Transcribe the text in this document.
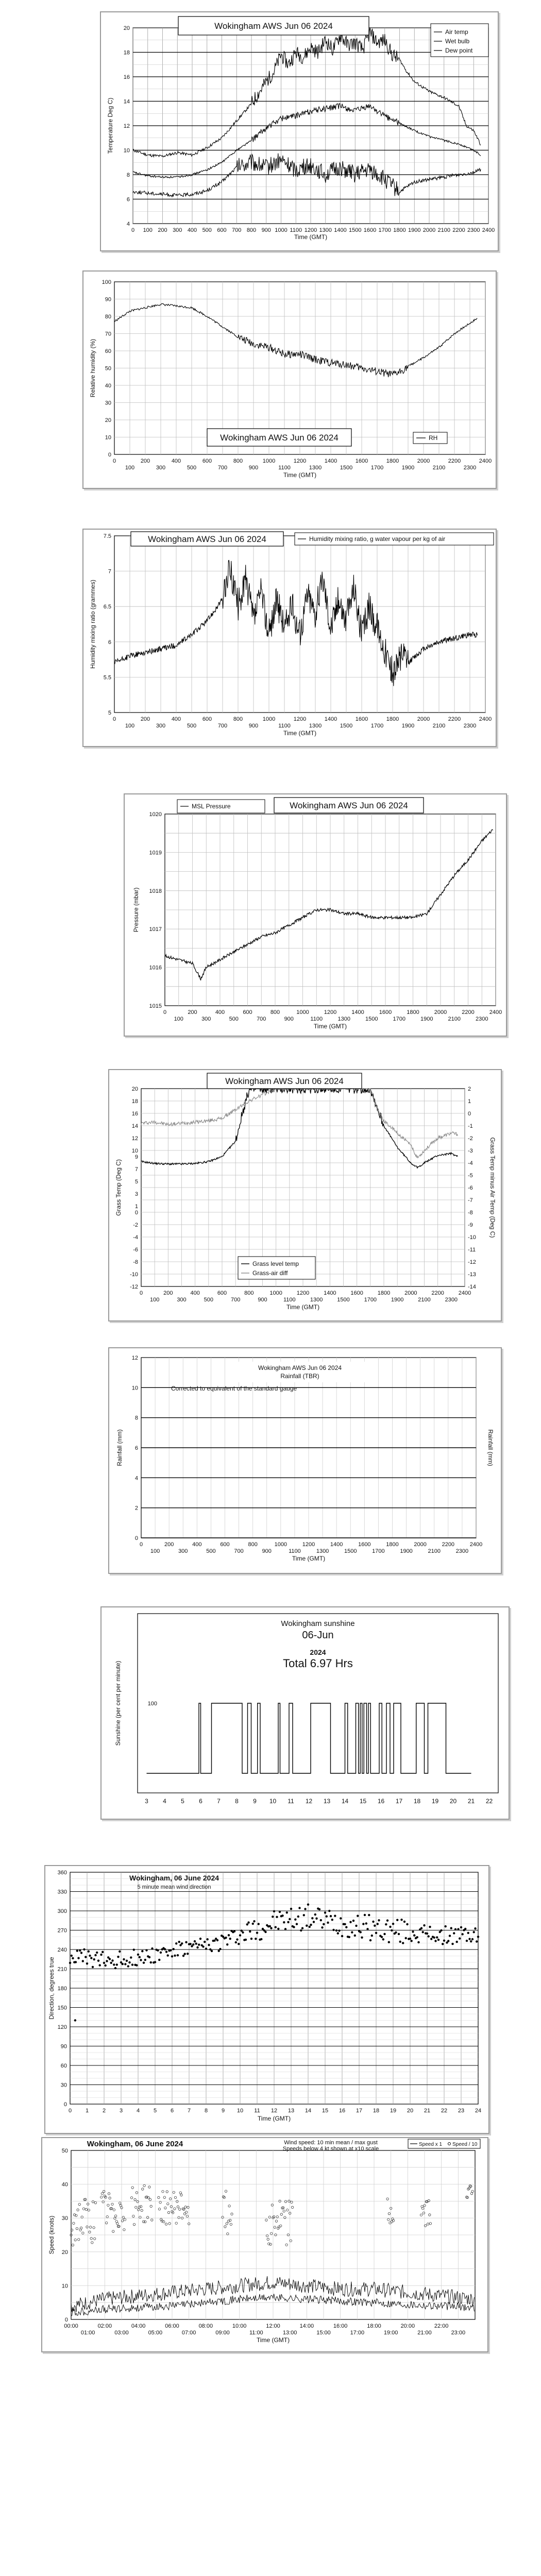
0 100 200 300 400 500 600 700 800 900 1000 1100 1200 1300 1400 1500 1600 1700 1800 1900 2000 2100 2200 2300 2400
4
6
8
10
12
14
16
18
20
Time (GMT)
Temperature Deg C)
Wokingham AWS Jun 06 2024
Air temp
Wet bulb
Dew point
0	200	400	600	800	1000	1200	1400	1600	1800	2000	2200	2400
100	300	500	700	900	1100	1300	1500	1700	1900	2100	2300
0
10
20
30
40
50
60
70
80
90
100
Time (GMT)
Relative humidity (%)
Wokingham AWS Jun 06 2024	RH
0	200	400	600	800	1000	1200	1400	1600	1800	2000	2200	2400
100	300	500	700	900	1100	1300	1500	1700	1900	2100	2300
5
5.5
6
6.5
7
7.5
Time (GMT)
Humidity mixing ratio (grammes)
Wokingham AWS Jun 06 2024	Humidity mixing ratio, g water vapour per kg of air
0	200	400	600	800	1000	1200	1400	1600	1800	2000	2200	2400
100	300	500	700	900	1100	1300	1500	1700	1900	2100	2300
1015
1016
1017
1018
1019
1020
Time (GMT)
Pressure (mbar)
MSL Pressure	Wokingham AWS Jun 06 2024
0	200	400	600	800	1000	1200	1400	1600	1800	2000	2200	2400
100	300	500	700	900	1100	1300	1500	1700	1900	2100	2300
-12
-10
-8
-6
-4
-2
0
1
3
5
7
9
10
12
14
16
18
20
-14
-13
-12
-11
-10
-9
-8
-7
-6
-5
-4
-3
-2
-1
0
1
2
Time (GMT)
Grass Temp (Deg C)	Grass Temp minus Air Temp (Deg C)
Wokingham AWS Jun 06 2024
Grass level temp
Grass-air diff
0	200	400	600	800	1000	1200	1400	1600	1800	2000	2200	2400
100	300	500	700	900	1100	1300	1500	1700	1900	2100	2300
0
2
4
6
8
10
12
Time (GMT)
Rainfall (mm)	Rainfall (mm)
Wokingham AWS Jun 06 2024
Rainfall (TBR)
Corrected to equivalent of the standard gauge
3 4 5 6 7 8 9 10 11 12 13 14 15 16 17 18 19 20 21 22
100
Sunshine (per cent per minute)
Wokingham sunshine
06-Jun
2024
Total 6.97 Hrs
0 1 2 3 4 5 6 7 8 9 10 11 12 13 14 15 16 17 18 19 20 21 22 23 24
0
30
60
90
120
150
180
210
240
270
300
330
360
Time (GMT)
Direction, degrees true
Wokingham, 06 June 2024
5 minute mean wind direction
00:00	02:00	04:00	06:00	08:00	10:00	12:00	14:00	16:00	18:00	20:00	22:00
01:00	03:00	05:00	07:00	09:00	11:00	13:00	15:00	17:00	19:00	21:00	23:00
0
10
20
30
40
50
Time (GMT)
Speed (knots)
Wokingham, 06 June 2024	Wind speed: 10 min mean / max gust
Speeds below 4 kt shown at x10 scale
Speed x 1 Speed / 10
